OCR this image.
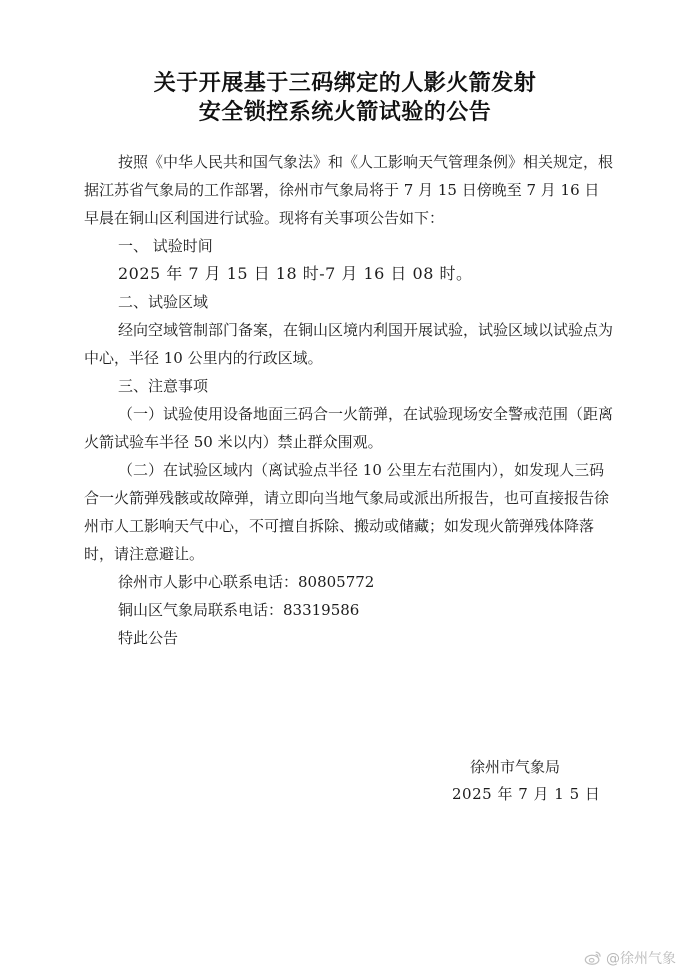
关于开展基于三码绑定的人影火箭发射
安全锁控系统火箭试验的公告

按照《中华人民共和国气象法》和《人工影响天气管理条例》相关规定，根据江苏省气象局的工作部署，徐州市气象局将于 7 月 15 日傍晚至 7 月 16 日早晨在铜山区利国进行试验。现将有关事项公告如下：

一、 试验时间

2025 年 7 月 15 日 18 时-7 月 16 日 08 时。

二、试验区域

经向空域管制部门备案，在铜山区境内利国开展试验，试验区域以试验点为中心，半径 10 公里内的行政区域。

三、注意事项

（一）试验使用设备地面三码合一火箭弹，在试验现场安全警戒范围（距离火箭试验车半径 50 米以内）禁止群众围观。

（二）在试验区域内（离试验点半径 10 公里左右范围内），如发现人三码合一火箭弹残骸或故障弹，请立即向当地气象局或派出所报告，也可直接报告徐州市人工影响天气中心，不可擅自拆除、搬动或储藏；如发现火箭弹残体降落时，请注意避让。

徐州市人影中心联系电话：80805772

铜山区气象局联系电话：83319586

特此公告

徐州市气象局
2025 年 7 月 1 5 日
@徐州气象
